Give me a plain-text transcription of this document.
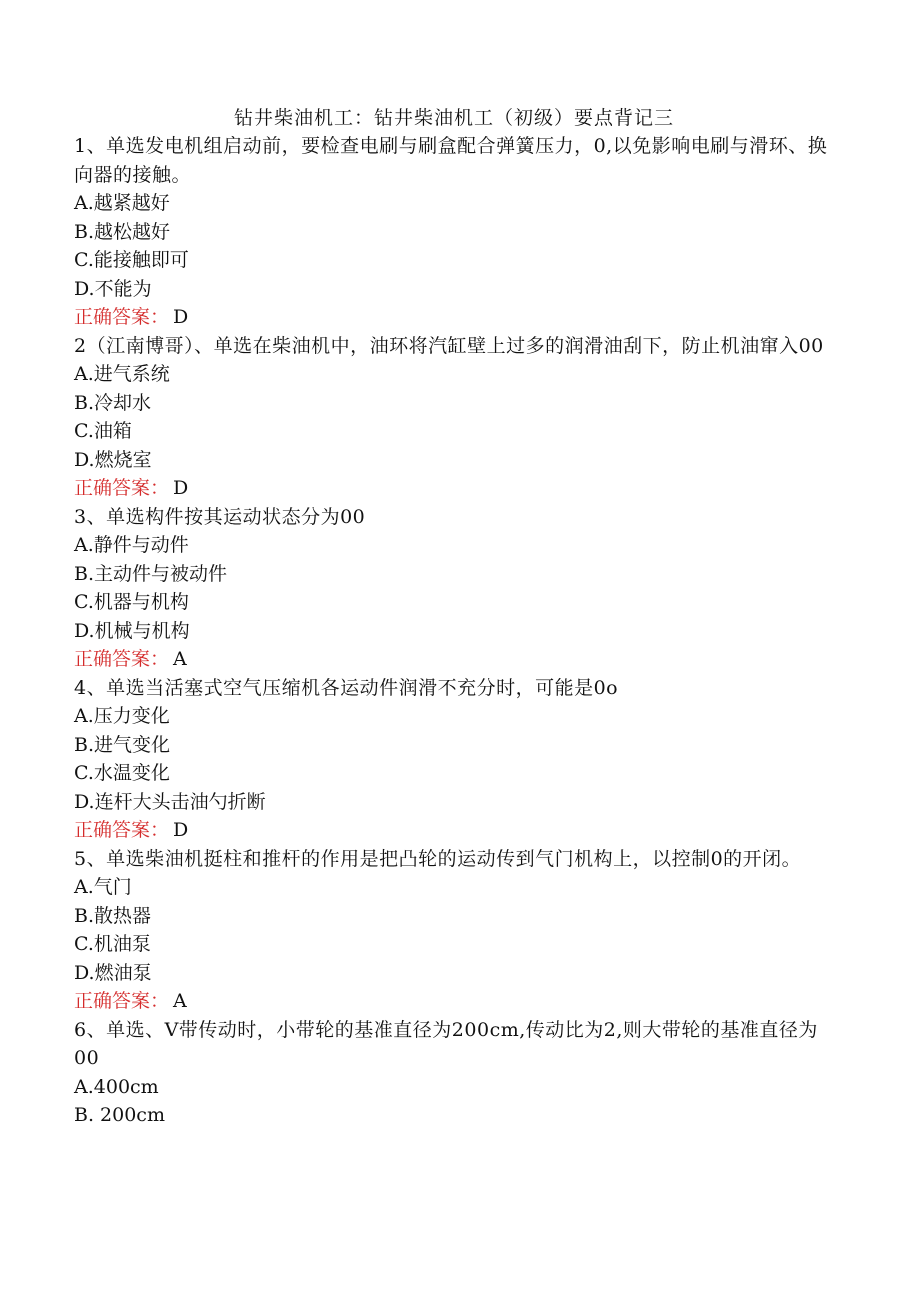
钻井柴油机工：钻井柴油机工（初级）要点背记三

1、单选发电机组启动前，要检查电刷与刷盒配合弹簧压力，0,以免影响电刷与滑环、换向器的接触。

A.越紧越好

B.越松越好

C.能接触即可

D.不能为

正确答案： D

2（江南博哥）、单选在柴油机中，油环将汽缸壁上过多的润滑油刮下，防止机油窜入00

A.进气系统

B.冷却水

C.油箱

D.燃烧室

正确答案： D

3、单选构件按其运动状态分为00

A.静件与动件

B.主动件与被动件

C.机器与机构

D.机械与机构

正确答案： A

4、单选当活塞式空气压缩机各运动件润滑不充分时，可能是0o

A.压力变化

B.进气变化

C.水温变化

D.连杆大头击油勺折断

正确答案： D

5、单选柴油机挺柱和推杆的作用是把凸轮的运动传到气门机构上，以控制0的开闭。

A.气门

B.散热器

C.机油泵

D.燃油泵

正确答案： A

6、单选、V带传动时，小带轮的基准直径为200cm,传动比为2,则大带轮的基准直径为00

A.400cm

B. 200cm
